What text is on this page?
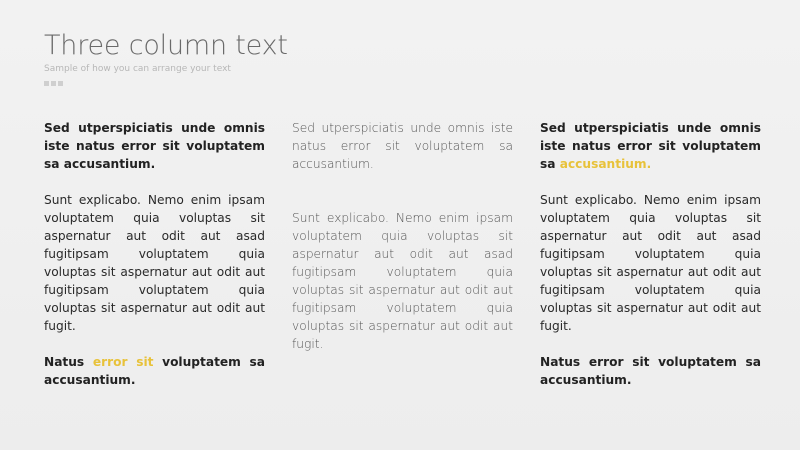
Three column text
Sample of how you can arrange your text

Sed utperspiciatis unde omnis iste natus error sit voluptatem sa accusantium.

Sunt explicabo. Nemo enim ipsam voluptatem quia voluptas sit aspernatur aut odit aut asad fugitipsam voluptatem quia voluptas sit aspernatur aut odit aut fugitipsam voluptatem quia voluptas sit aspernatur aut odit aut fugit.

Natus error sit voluptatem sa accusantium.

Sed utperspiciatis unde omnis iste natus error sit voluptatem sa accusantium.

Sunt explicabo. Nemo enim ipsam voluptatem quia voluptas sit aspernatur aut odit aut asad fugitipsam voluptatem quia voluptas sit aspernatur aut odit aut fugitipsam voluptatem quia voluptas sit aspernatur aut odit aut fugit.

Sed utperspiciatis unde omnis iste natus error sit voluptatem sa accusantium.

Sunt explicabo. Nemo enim ipsam voluptatem quia voluptas sit aspernatur aut odit aut asad fugitipsam voluptatem quia voluptas sit aspernatur aut odit aut fugitipsam voluptatem quia voluptas sit aspernatur aut odit aut fugit.

Natus error sit voluptatem sa accusantium.
